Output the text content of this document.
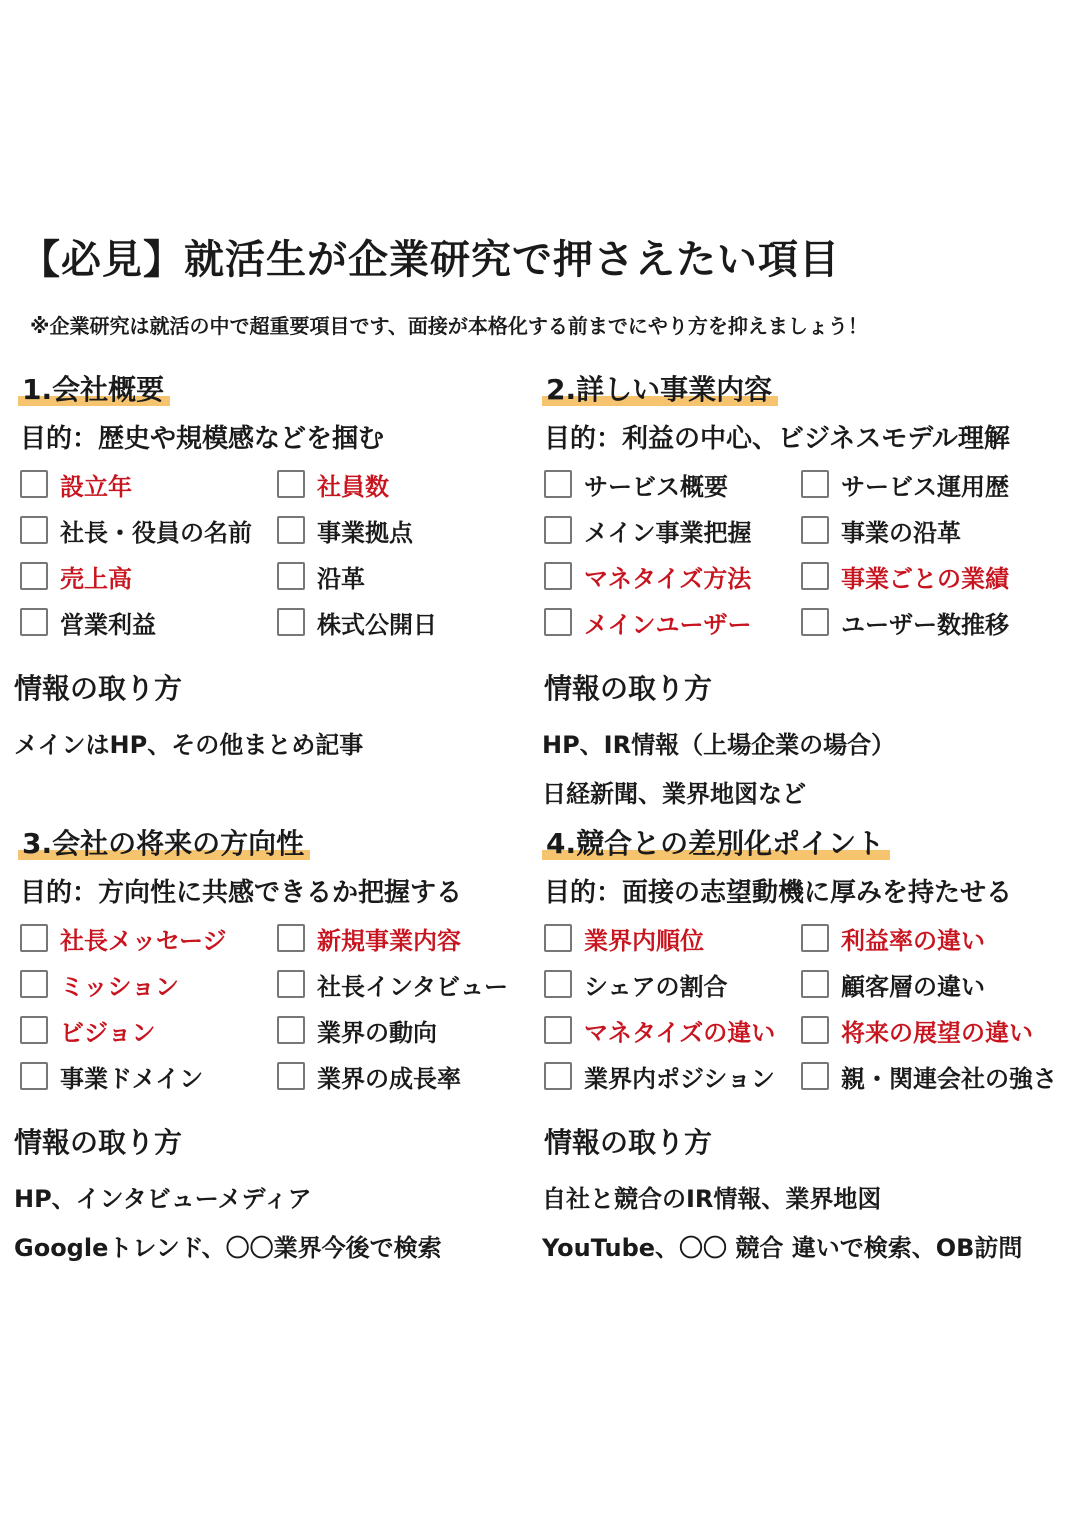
【必見】就活生が企業研究で押さえたい項目
※企業研究は就活の中で超重要項目です、面接が本格化する前までにやり方を抑えましょう！
1.会社概要
目的：歴史や規模感などを掴む
設立年	社員数
社長・役員の名前	事業拠点
売上高	沿革
営業利益	株式公開日
情報の取り方
メインはHP、その他まとめ記事
2.詳しい事業内容
目的：利益の中心、ビジネスモデル理解
サービス概要	サービス運用歴
メイン事業把握	事業の沿革
マネタイズ方法	事業ごとの業績
メインユーザー	ユーザー数推移
情報の取り方
HP、IR情報（上場企業の場合）
日経新聞、業界地図など
3.会社の将来の方向性
目的：方向性に共感できるか把握する
社長メッセージ	新規事業内容
ミッション	社長インタビュー
ビジョン	業界の動向
事業ドメイン	業界の成長率
情報の取り方
HP、インタビューメディア
Googleトレンド、〇〇業界今後で検索
4.競合との差別化ポイント
目的：面接の志望動機に厚みを持たせる
業界内順位	利益率の違い
シェアの割合	顧客層の違い
マネタイズの違い	将来の展望の違い
業界内ポジション	親・関連会社の強さ
情報の取り方
自社と競合のIR情報、業界地図
YouTube、〇〇 競合 違いで検索、OB訪問
